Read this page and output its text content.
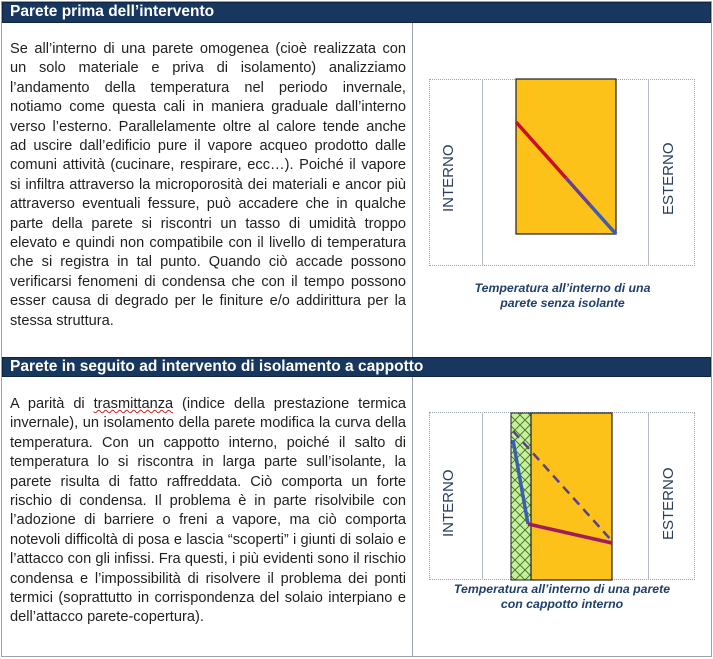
Parete prima dell’intervento
Se all’interno di una parete omogenea (cioè realizzata con un solo materiale e priva di isolamento) analizziamo l’andamento della temperatura nel periodo invernale, notiamo come questa cali in maniera graduale dall’interno verso l’esterno. Parallelamente oltre al calore tende anche ad uscire dall’edificio pure il vapore acqueo prodotto dalle comuni attività (cucinare, respirare, ecc…). Poiché il vapore si infiltra attraverso la microporosità dei materiali e ancor più attraverso eventuali fessure, può accadere che in qualche parte della parete si riscontri un tasso di umidità troppo elevato e quindi non compatibile con il livello di temperatura che si registra in tal punto. Quando ciò accade possono verificarsi fenomeni di condensa che con il tempo possono esser causa di degrado per le finiture e/o addirittura per la stessa struttura.
INTERNO	ESTERNO
Temperatura all’interno di una parete senza isolante
Parete in seguito ad intervento di isolamento a cappotto
A parità di trasmittanza (indice della prestazione termica invernale), un isolamento della parete modifica la curva della temperatura. Con un cappotto interno, poiché il salto di temperatura lo si riscontra in larga parte sull’isolante, la parete risulta di fatto raffreddata. Ciò comporta un forte rischio di condensa. Il problema è in parte risolvibile con l’adozione di barriere o freni a vapore, ma ciò comporta notevoli difficoltà di posa e lascia “scoperti” i giunti di solaio e l’attacco con gli infissi. Fra questi, i più evidenti sono il rischio condensa e l’impossibilità di risolvere il problema dei ponti termici (soprattutto in corrispondenza del solaio interpiano e dell’attacco parete-copertura).
INTERNO	ESTERNO
Temperatura all’interno di una parete con cappotto interno
